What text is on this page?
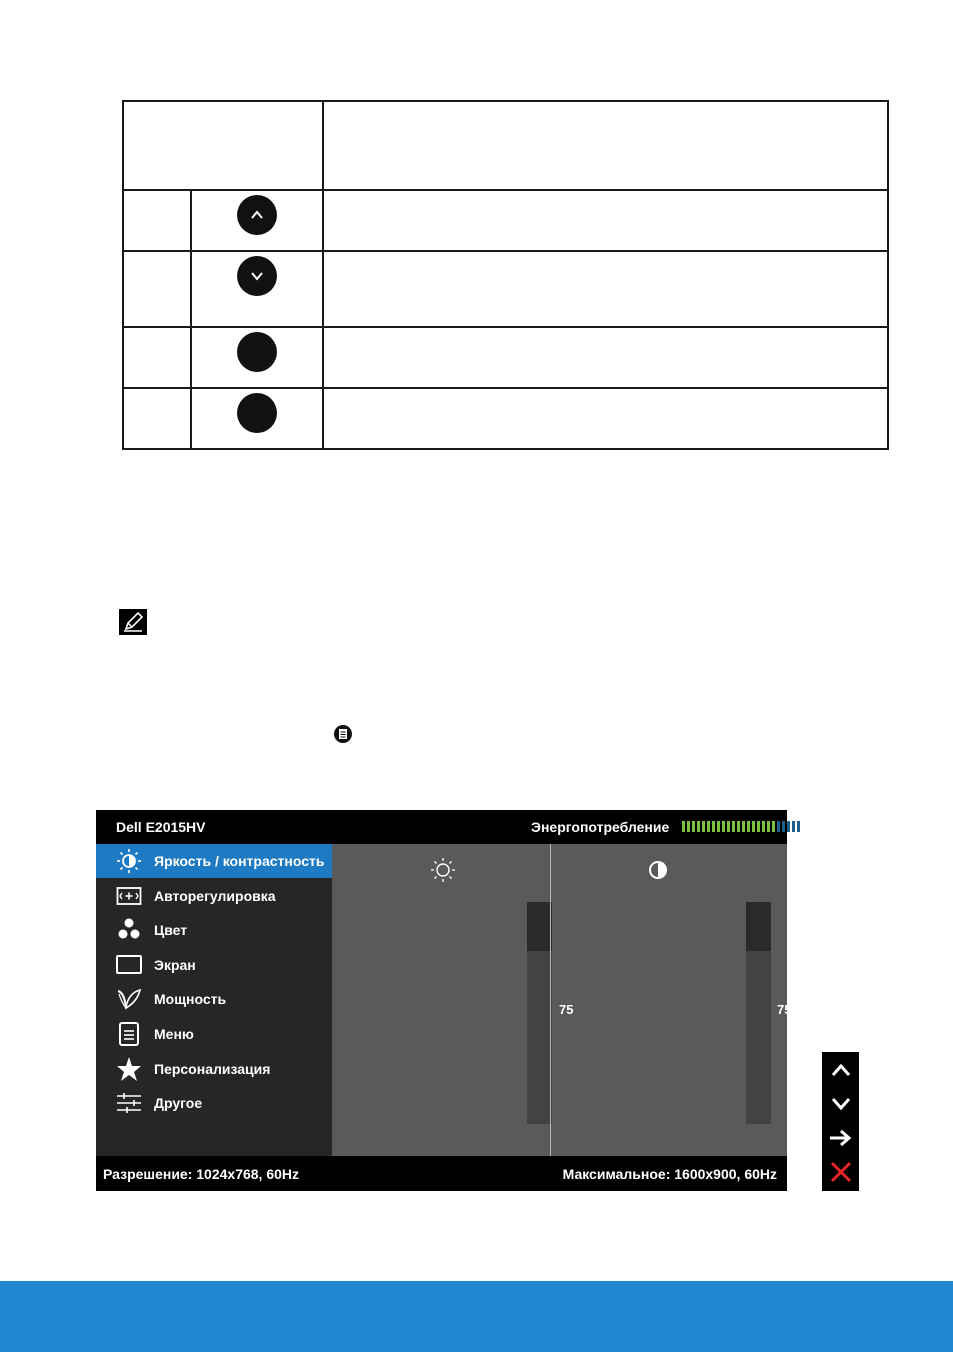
Dell E2015HV	Энергопотребление
Яркость / контрастность
Авторегулировка
Цвет
Экран
Мощность
Меню
Персонализация
Другое
75	75
Разрешение: 1024x768, 60Hz	Максимальное: 1600x900, 60Hz
